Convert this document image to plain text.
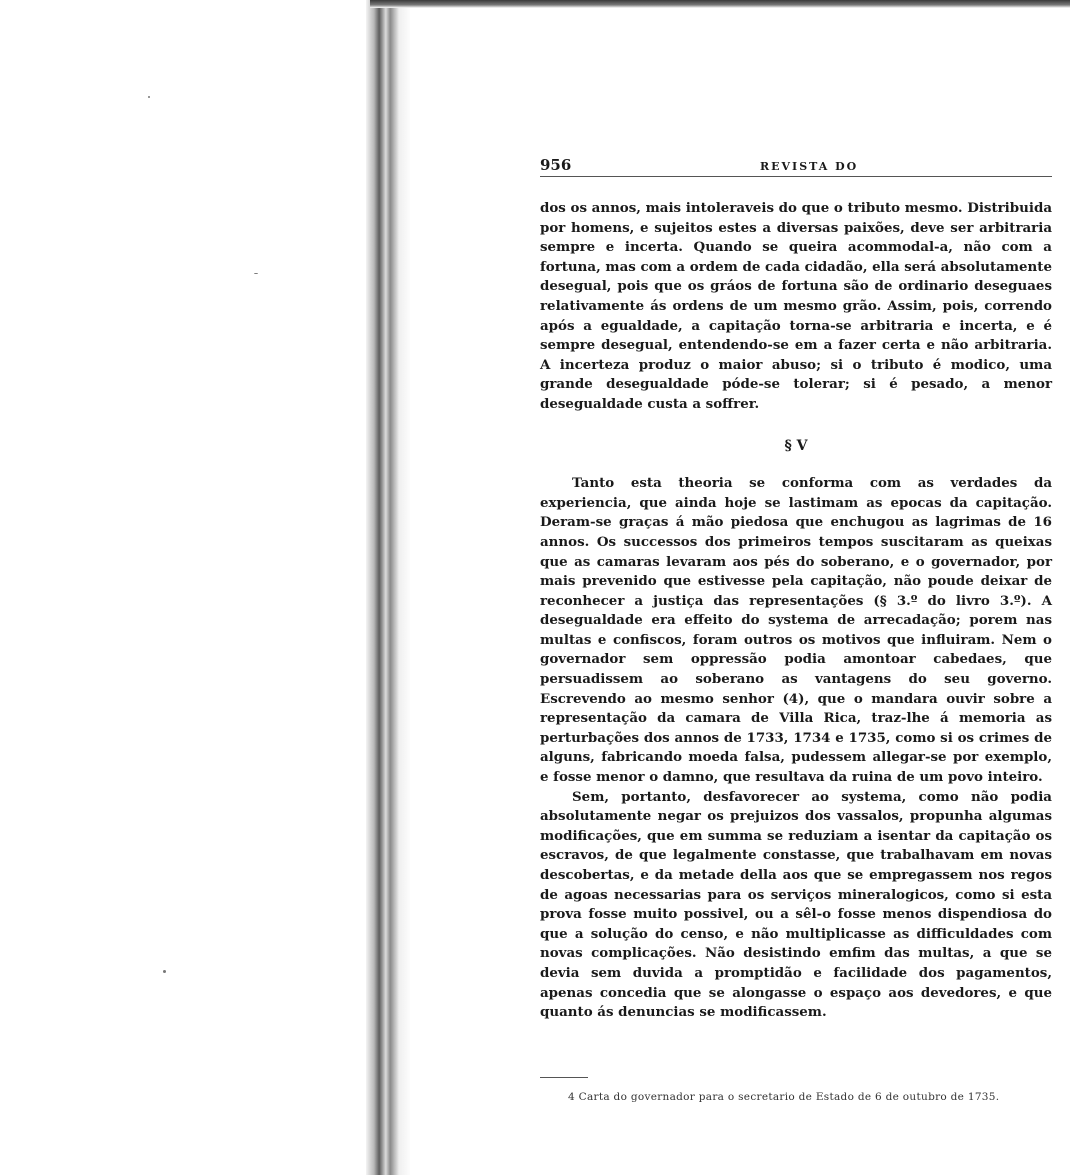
956	REVISTA DO

dos os annos, mais intoleraveis do que o tributo mesmo. Distribuida por homens, e sujeitos estes a diversas paixões, deve ser arbitraria sempre e incerta. Quando se queira acommodal-a, não com a fortuna, mas com a ordem de cada cidadão, ella será absolutamente desegual, pois que os gráos de fortuna são de ordinario deseguaes relativamente ás ordens de um mesmo grão. Assim, pois, correndo após a egualdade, a capitação torna-se arbitraria e incerta, e é sempre desegual, entendendo-se em a fazer certa e não arbitraria. A incerteza produz o maior abuso; si o tributo é modico, uma grande desegualdade póde-se tolerar; si é pesado, a menor desegualdade custa a soffrer.

§ V

Tanto esta theoria se conforma com as verdades da experiencia, que ainda hoje se lastimam as epocas da capitação. Deram-se graças á mão piedosa que enchugou as lagrimas de 16 annos. Os successos dos primeiros tempos suscitaram as queixas que as camaras levaram aos pés do soberano, e o governador, por mais prevenido que estivesse pela capitação, não poude deixar de reconhecer a justiça das representações (§ 3.º do livro 3.º). A desegualdade era effeito do systema de arrecadação; porem nas multas e confiscos, foram outros os motivos que influiram. Nem o governador sem oppressão podia amontoar cabedaes, que persuadissem ao soberano as vantagens do seu governo. Escrevendo ao mesmo senhor (4), que o mandara ouvir sobre a representação da camara de Villa Rica, traz-lhe á memoria as perturbações dos annos de 1733, 1734 e 1735, como si os crimes de alguns, fabricando moeda falsa, pudessem allegar-se por exemplo, e fosse menor o damno, que resultava da ruina de um povo inteiro.

Sem, portanto, desfavorecer ao systema, como não podia absolutamente negar os prejuizos dos vassalos, propunha algumas modificações, que em summa se reduziam a isentar da capitação os escravos, de que legalmente constasse, que trabalhavam em novas descobertas, e da metade della aos que se empregassem nos regos de agoas necessarias para os serviços mineralogicos, como si esta prova fosse muito possivel, ou a sêl-o fosse menos dispendiosa do que a solução do censo, e não multiplicasse as difficuldades com novas complicações. Não desistindo emfim das multas, a que se devia sem duvida a promptidão e facilidade dos pagamentos, apenas concedia que se alongasse o espaço aos devedores, e que quanto ás denuncias se modificassem.

4 Carta do governador para o secretario de Estado de 6 de outubro de 1735.
